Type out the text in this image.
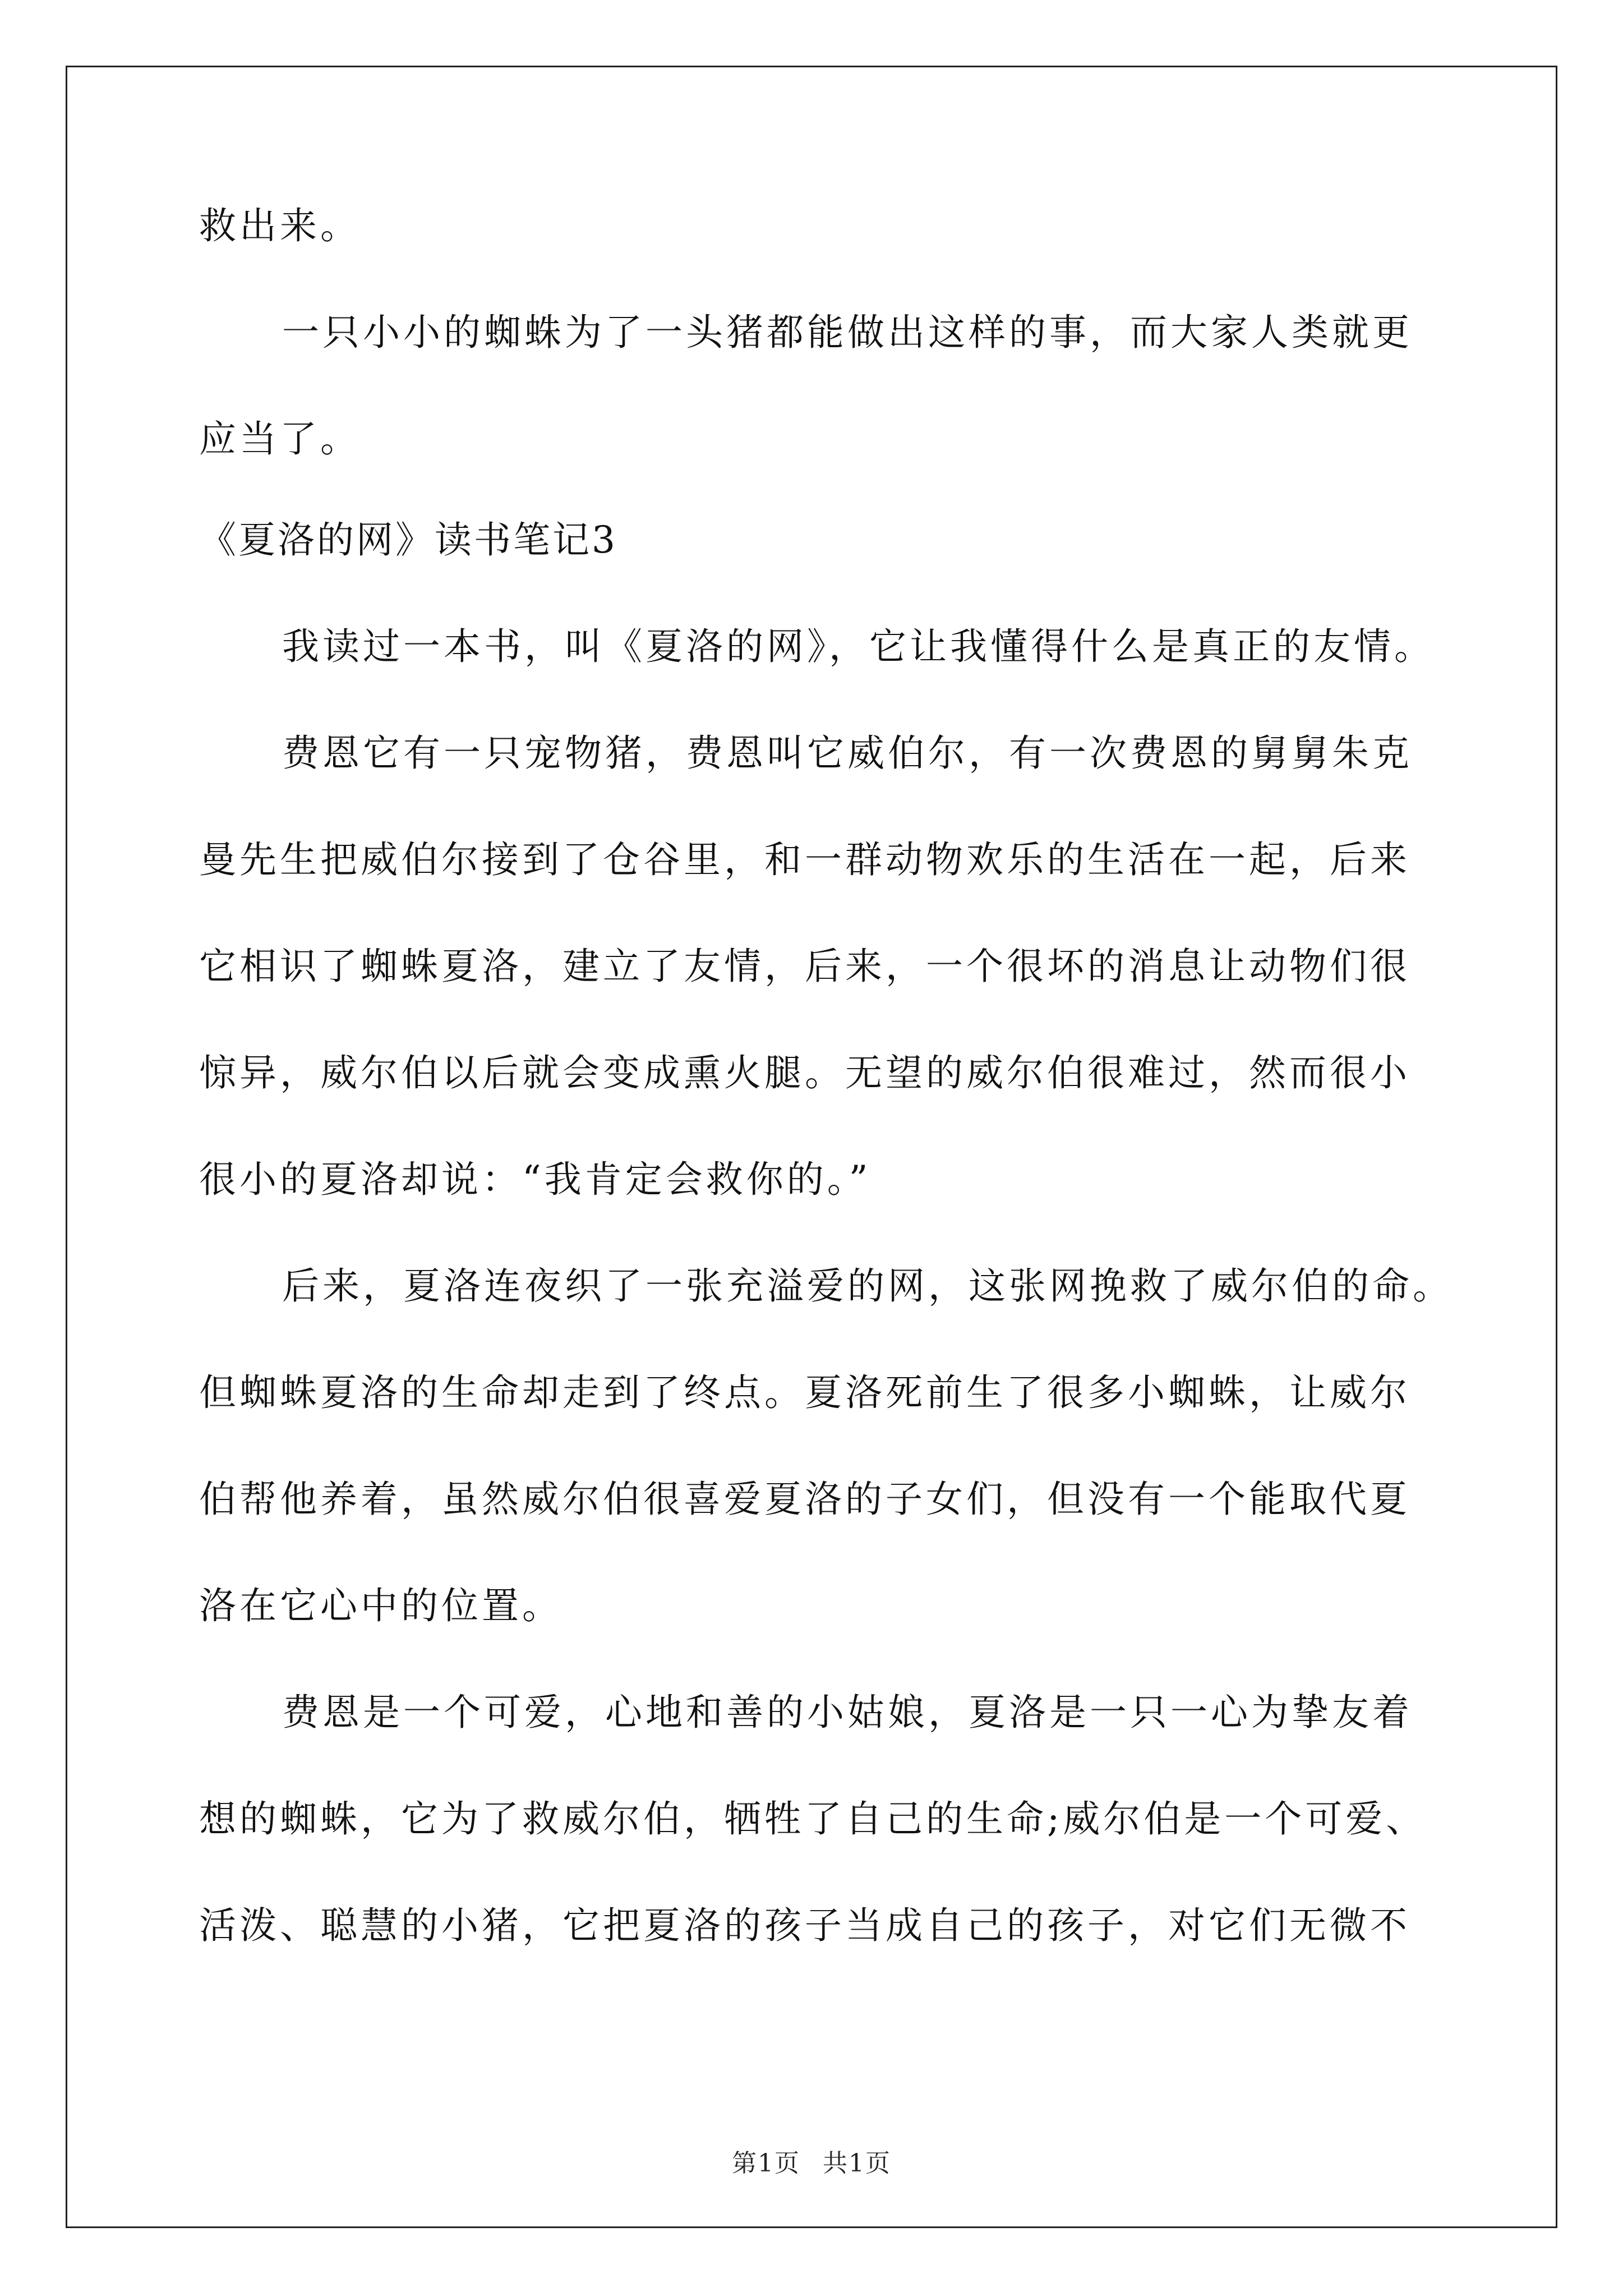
救出来。
一只小小的蜘蛛为了一头猪都能做出这样的事，而大家人类就更
应当了。
《夏洛的网》读书笔记3
我读过一本书，叫《夏洛的网》，它让我懂得什么是真正的友情。
费恩它有一只宠物猪，费恩叫它威伯尔，有一次费恩的舅舅朱克
曼先生把威伯尔接到了仓谷里，和一群动物欢乐的生活在一起，后来
它相识了蜘蛛夏洛，建立了友情，后来，一个很坏的消息让动物们很
惊异，威尔伯以后就会变成熏火腿。无望的威尔伯很难过，然而很小
很小的夏洛却说：“我肯定会救你的。”
后来，夏洛连夜织了一张充溢爱的网，这张网挽救了威尔伯的命。
但蜘蛛夏洛的生命却走到了终点。夏洛死前生了很多小蜘蛛，让威尔
伯帮他养着，虽然威尔伯很喜爱夏洛的子女们，但没有一个能取代夏
洛在它心中的位置。
费恩是一个可爱，心地和善的小姑娘，夏洛是一只一心为挚友着
想的蜘蛛，它为了救威尔伯，牺牲了自己的生命;威尔伯是一个可爱、
活泼、聪慧的小猪，它把夏洛的孩子当成自己的孩子，对它们无微不
第1页 共1页
